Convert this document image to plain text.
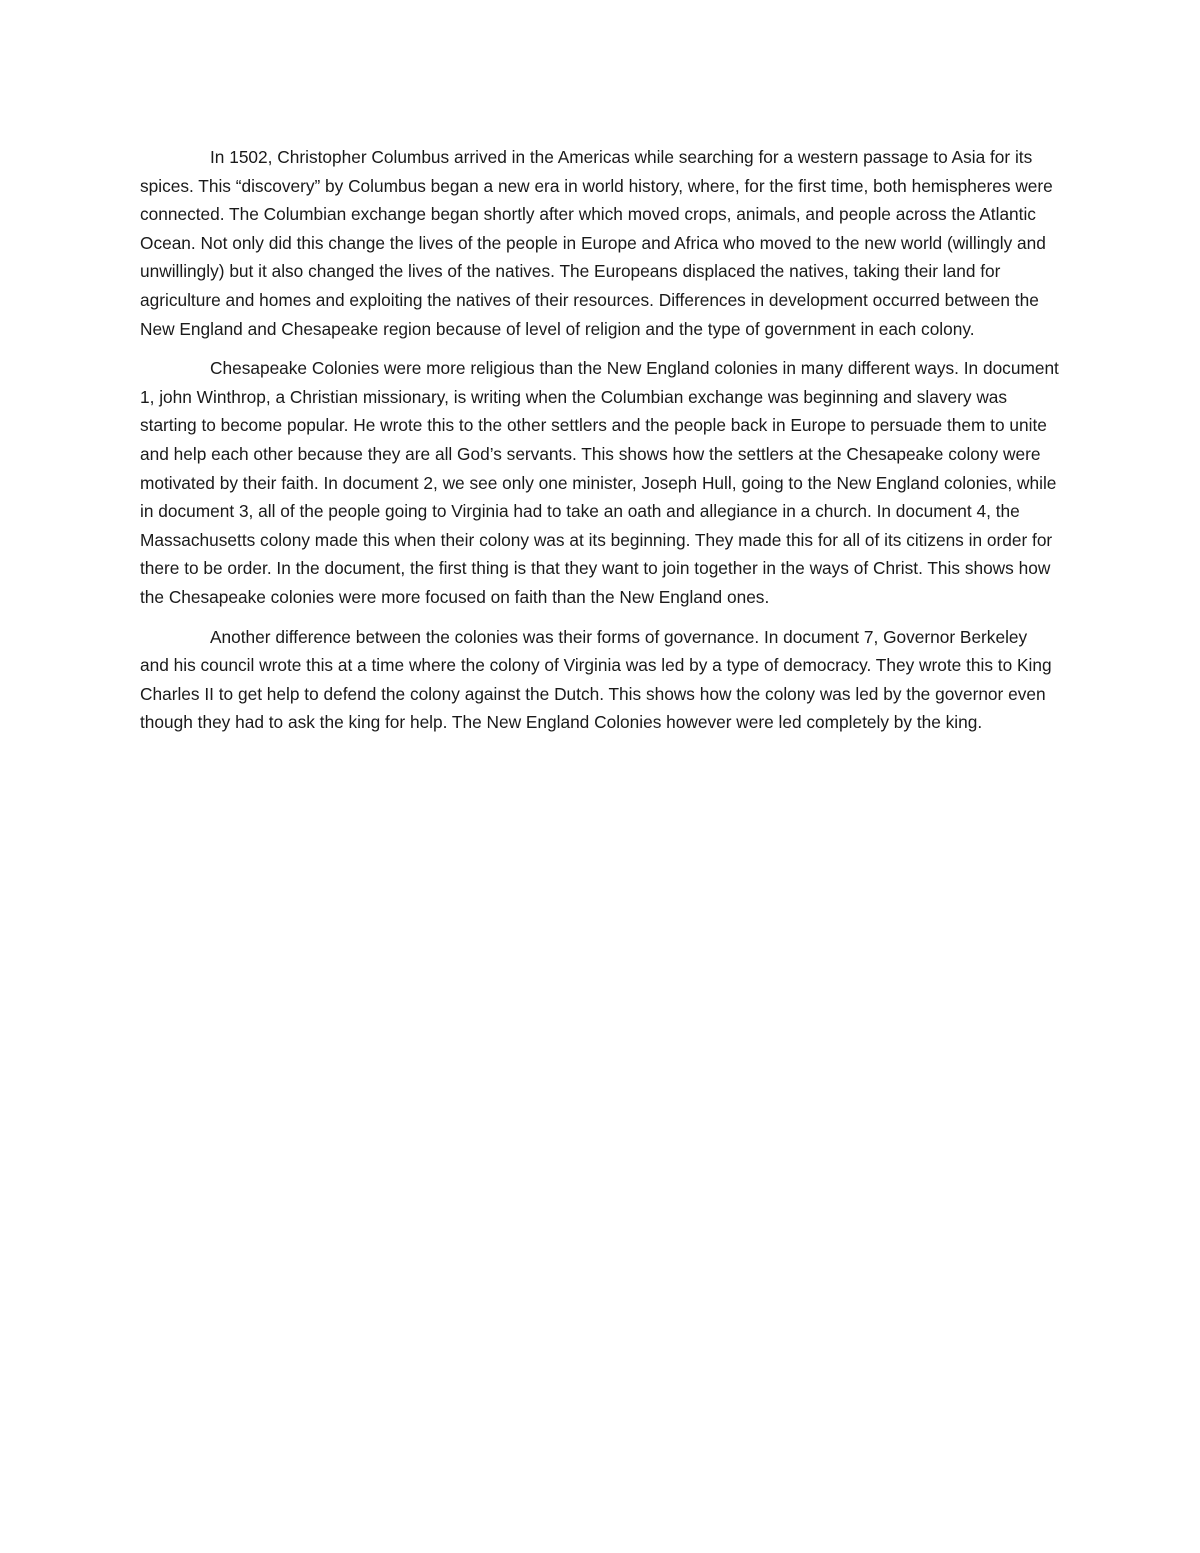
In 1502, Christopher Columbus arrived in the Americas while searching for a western passage to Asia for its spices. This “discovery” by Columbus began a new era in world history, where, for the first time, both hemispheres were connected. The Columbian exchange began shortly after which moved crops, animals, and people across the Atlantic Ocean. Not only did this change the lives of the people in Europe and Africa who moved to the new world (willingly and unwillingly) but it also changed the lives of the natives. The Europeans displaced the natives, taking their land for agriculture and homes and exploiting the natives of their resources. Differences in development occurred between the New England and Chesapeake region because of level of religion and the type of government in each colony.

Chesapeake Colonies were more religious than the New England colonies in many different ways. In document 1, john Winthrop, a Christian missionary, is writing when the Columbian exchange was beginning and slavery was starting to become popular. He wrote this to the other settlers and the people back in Europe to persuade them to unite and help each other because they are all God’s servants. This shows how the settlers at the Chesapeake colony were motivated by their faith. In document 2, we see only one minister, Joseph Hull, going to the New England colonies, while in document 3, all of the people going to Virginia had to take an oath and allegiance in a church. In document 4, the Massachusetts colony made this when their colony was at its beginning. They made this for all of its citizens in order for there to be order. In the document, the first thing is that they want to join together in the ways of Christ. This shows how the Chesapeake colonies were more focused on faith than the New England ones.

Another difference between the colonies was their forms of governance. In document 7, Governor Berkeley and his council wrote this at a time where the colony of Virginia was led by a type of democracy. They wrote this to King Charles II to get help to defend the colony against the Dutch. This shows how the colony was led by the governor even though they had to ask the king for help. The New England Colonies however were led completely by the king.
